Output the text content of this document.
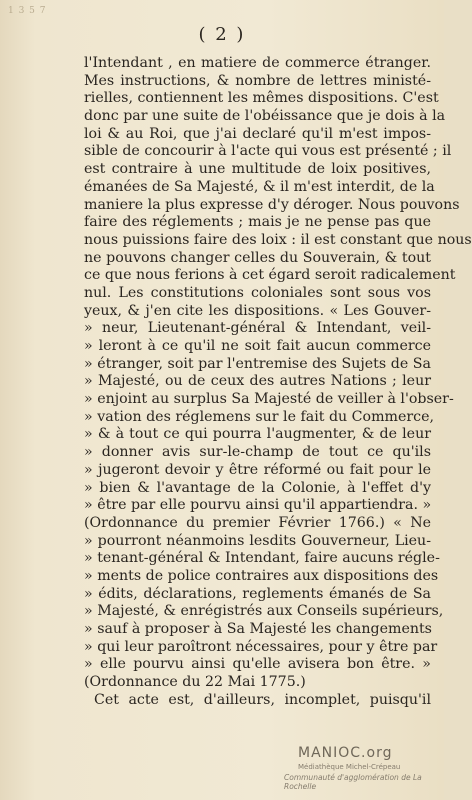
1 3 5 7
( 2 )
l'Intendant , en matiere de commerce étranger.
Mes instructions, & nombre de lettres ministé-
rielles, contiennent les mêmes dispositions. C'est
donc par une suite de l'obéissance que je dois à la
loi & au Roi, que j'ai declaré qu'il m'est impos-
sible de concourir à l'acte qui vous est présenté ; il
est contraire à une multitude de loix positives,
émanées de Sa Majesté, & il m'est interdit, de la
maniere la plus expresse d'y déroger. Nous pouvons
faire des réglements ; mais je ne pense pas que
nous puissions faire des loix : il est constant que nous
ne pouvons changer celles du Souverain, & tout
ce que nous ferions à cet égard seroit radicalement
nul. Les constitutions coloniales sont sous vos
yeux, & j'en cite les dispositions. « Les Gouver-
» neur, Lieutenant-général & Intendant, veil-
» leront à ce qu'il ne soit fait aucun commerce
» étranger, soit par l'entremise des Sujets de Sa
» Majesté, ou de ceux des autres Nations ; leur
» enjoint au surplus Sa Majesté de veiller à l'obser-
» vation des réglemens sur le fait du Commerce,
» & à tout ce qui pourra l'augmenter, & de leur
» donner avis sur-le-champ de tout ce qu'ils
» jugeront devoir y être réformé ou fait pour le
» bien & l'avantage de la Colonie, à l'effet d'y
» être par elle pourvu ainsi qu'il appartiendra. »
(Ordonnance du premier Février 1766.) « Ne
» pourront néanmoins lesdits Gouverneur, Lieu-
» tenant-général & Intendant, faire aucuns régle-
» ments de police contraires aux dispositions des
» édits, déclarations, reglements émanés de Sa
» Majesté, & enrégistrés aux Conseils supérieurs,
» sauf à proposer à Sa Majesté les changements
» qui leur paroîtront nécessaires, pour y être par
» elle pourvu ainsi qu'elle avisera bon être. »
(Ordonnance du 22 Mai 1775.)
Cet acte est, d'ailleurs, incomplet, puisqu'il
MANIOC.org
Médiathèque Michel-Crépeau
Communauté d'agglomération de La Rochelle
